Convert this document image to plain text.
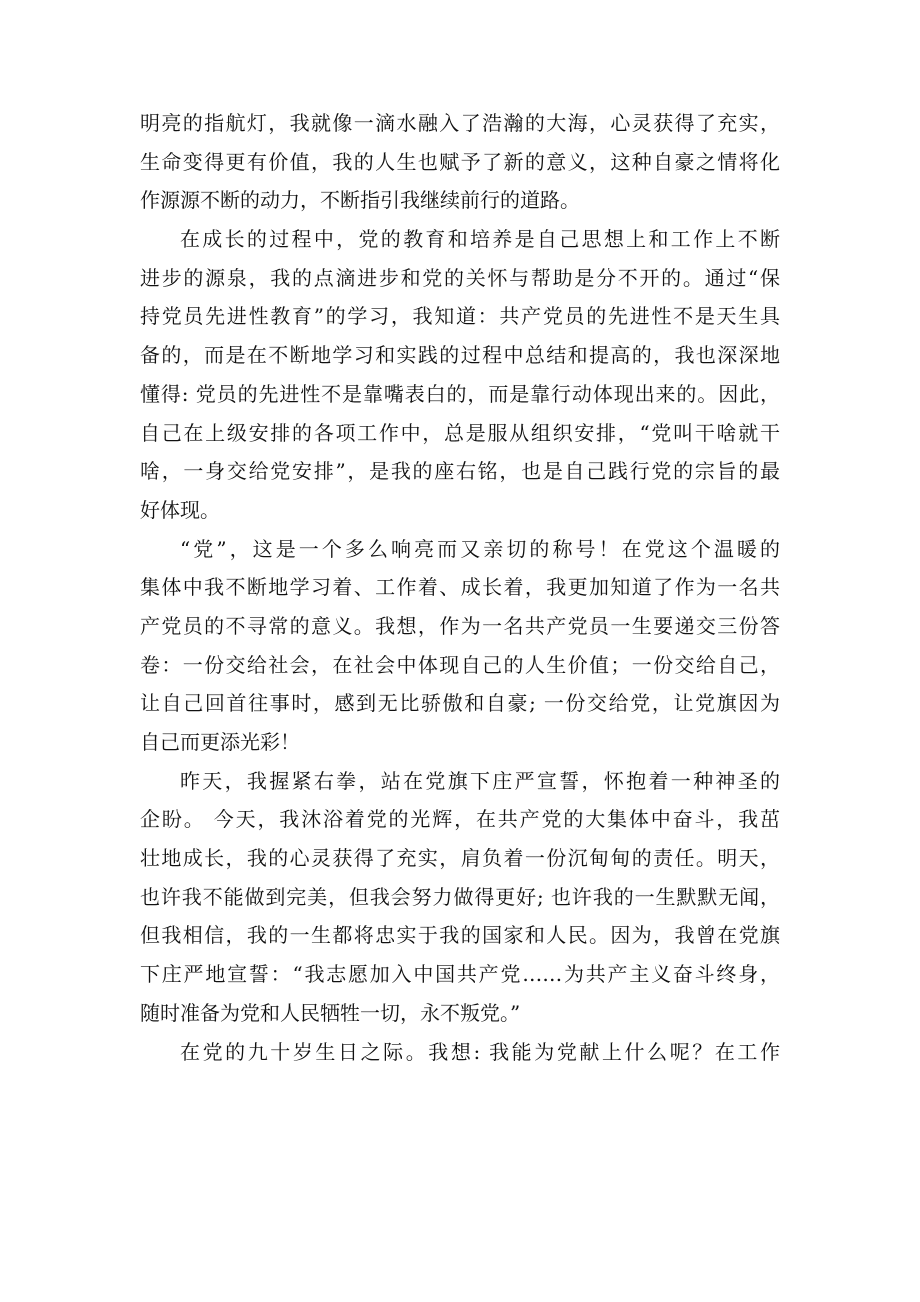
明亮的指航灯，我就像一滴水融入了浩瀚的大海，心灵获得了充实，
生命变得更有价值，我的人生也赋予了新的意义，这种自豪之情将化
作源源不断的动力，不断指引我继续前行的道路。
在成长的过程中，党的教育和培养是自己思想上和工作上不断
进步的源泉，我的点滴进步和党的关怀与帮助是分不开的。通过“保
持党员先进性教育”的学习，我知道：共产党员的先进性不是天生具
备的，而是在不断地学习和实践的过程中总结和提高的，我也深深地
懂得: 党员的先进性不是靠嘴表白的，而是靠行动体现出来的。因此，
自己在上级安排的各项工作中，总是服从组织安排，“党叫干啥就干
啥，一身交给党安排”，是我的座右铭，也是自己践行党的宗旨的最
好体现。
“党”，这是一个多么响亮而又亲切的称号！在党这个温暖的
集体中我不断地学习着、工作着、成长着，我更加知道了作为一名共
产党员的不寻常的意义。我想，作为一名共产党员一生要递交三份答
卷：一份交给社会，在社会中体现自己的人生价值；一份交给自己，
让自己回首往事时，感到无比骄傲和自豪; 一份交给党，让党旗因为
自己而更添光彩！
昨天，我握紧右拳，站在党旗下庄严宣誓，怀抱着一种神圣的
企盼。 今天，我沐浴着党的光辉，在共产党的大集体中奋斗，我茁
壮地成长，我的心灵获得了充实，肩负着一份沉甸甸的责任。明天，
也许我不能做到完美，但我会努力做得更好; 也许我的一生默默无闻，
但我相信，我的一生都将忠实于我的国家和人民。因为，我曾在党旗
下庄严地宣誓：“我志愿加入中国共产党……为共产主义奋斗终身，
随时准备为党和人民牺牲一切，永不叛党。”
在党的九十岁生日之际。我想: 我能为党献上什么呢？在工作
